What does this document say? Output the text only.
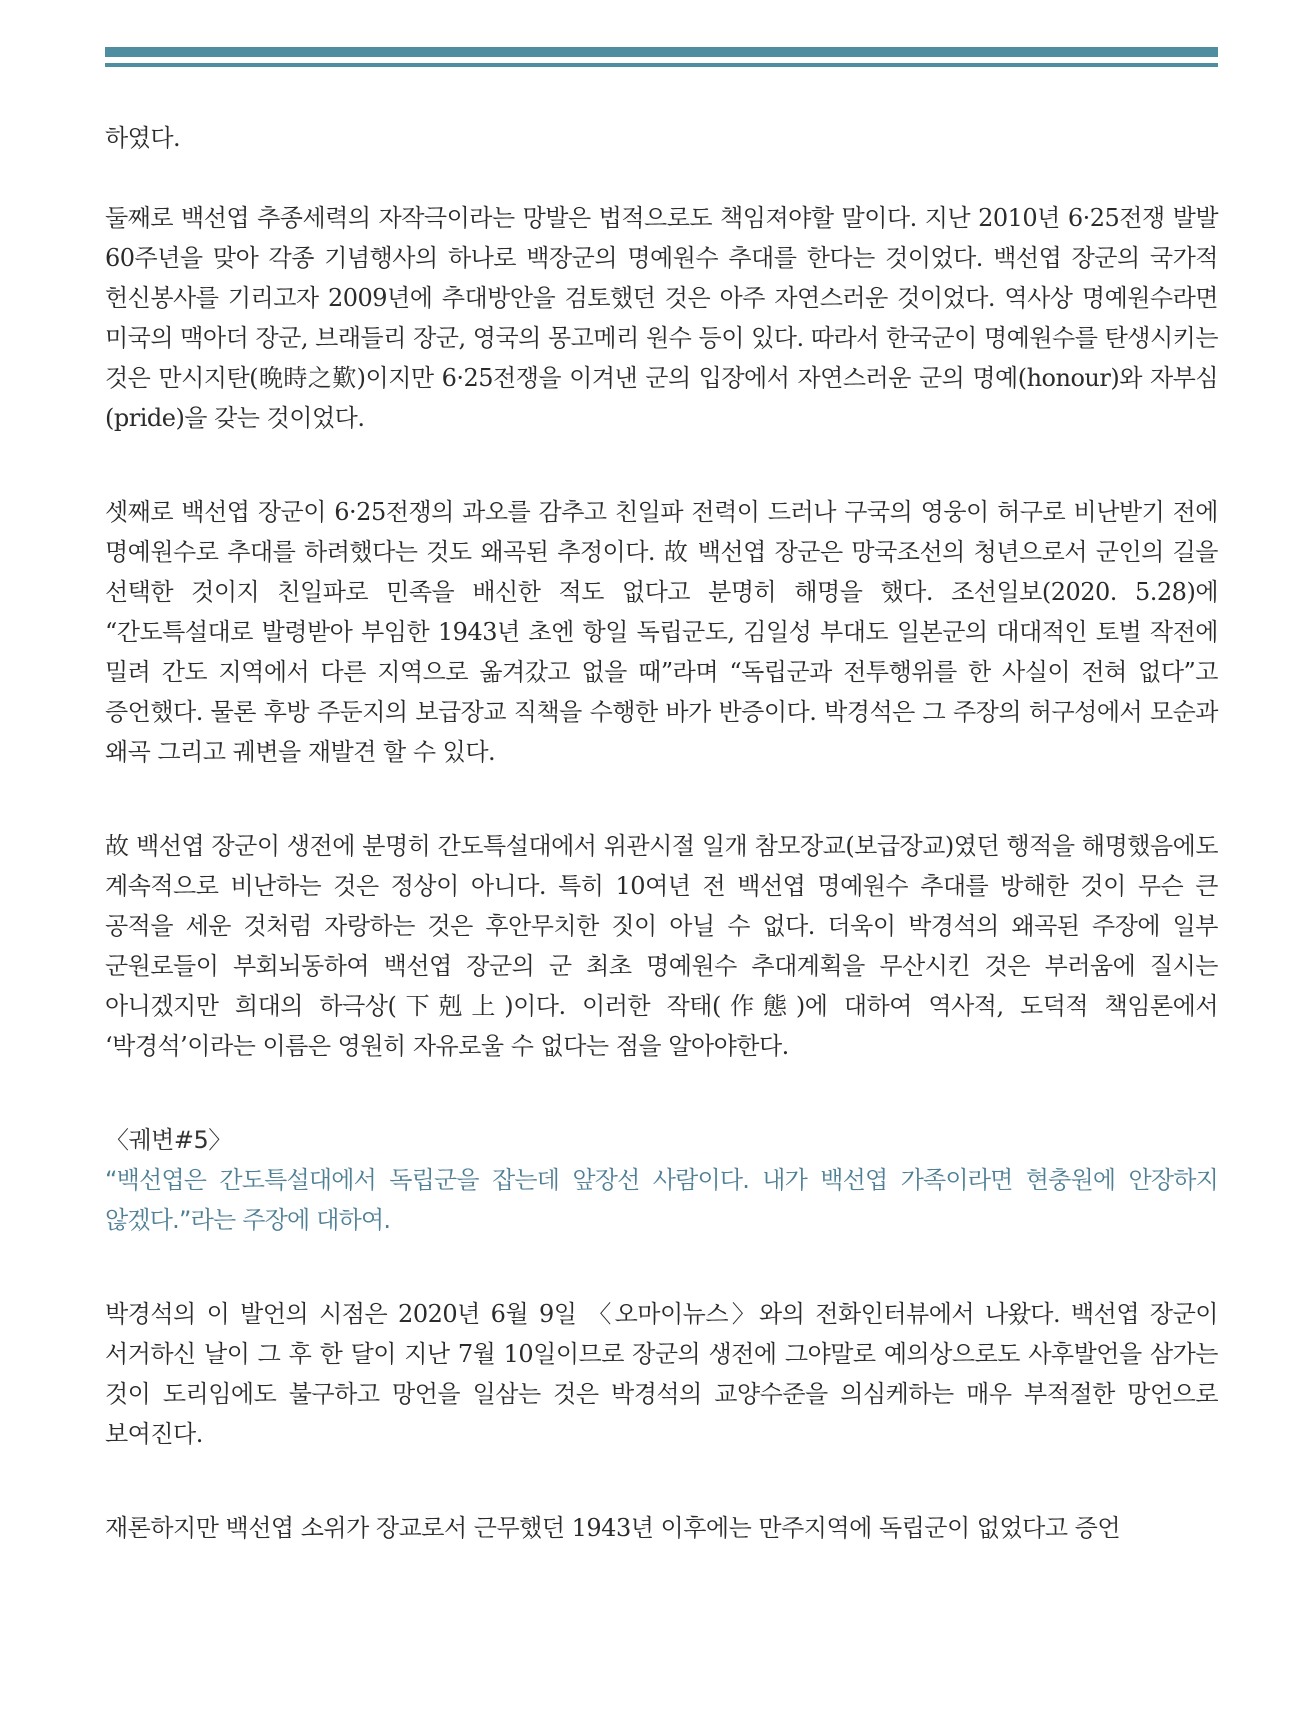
하였다.

둘째로 백선엽 추종세력의 자작극이라는 망발은 법적으로도 책임져야할 말이다. 지난 2010년 6·25전쟁 발발 60주년을 맞아 각종 기념행사의 하나로 백장군의 명예원수 추대를 한다는 것이었다. 백선엽 장군의 국가적 헌신봉사를 기리고자 2009년에 추대방안을 검토했던 것은 아주 자연스러운 것이었다. 역사상 명예원수라면 미국의 맥아더 장군, 브래들리 장군, 영국의 몽고메리 원수 등이 있다. 따라서 한국군이 명예원수를 탄생시키는 것은 만시지탄(晩時之歎)이지만 6·25전쟁을 이겨낸 군의 입장에서 자연스러운 군의 명예(honour)와 자부심(pride)을 갖는 것이었다.

셋째로 백선엽 장군이 6·25전쟁의 과오를 감추고 친일파 전력이 드러나 구국의 영웅이 허구로 비난받기 전에 명예원수로 추대를 하려했다는 것도 왜곡된 추정이다. 故 백선엽 장군은 망국조선의 청년으로서 군인의 길을 선택한 것이지 친일파로 민족을 배신한 적도 없다고 분명히 해명을 했다. 조선일보(2020. 5.28)에 “간도특설대로 발령받아 부임한 1943년 초엔 항일 독립군도, 김일성 부대도 일본군의 대대적인 토벌 작전에 밀려 간도 지역에서 다른 지역으로 옮겨갔고 없을 때”라며 “독립군과 전투행위를 한 사실이 전혀 없다”고 증언했다. 물론 후방 주둔지의 보급장교 직책을 수행한 바가 반증이다. 박경석은 그 주장의 허구성에서 모순과 왜곡 그리고 궤변을 재발견 할 수 있다.

故 백선엽 장군이 생전에 분명히 간도특설대에서 위관시절 일개 참모장교(보급장교)였던 행적을 해명했음에도 계속적으로 비난하는 것은 정상이 아니다. 특히 10여년 전 백선엽 명예원수 추대를 방해한 것이 무슨 큰 공적을 세운 것처럼 자랑하는 것은 후안무치한 짓이 아닐 수 없다. 더욱이 박경석의 왜곡된 주장에 일부 군원로들이 부회뇌동하여 백선엽 장군의 군 최초 명예원수 추대계획을 무산시킨 것은 부러움에 질시는 아니겠지만 희대의 하극상(下剋上)이다. 이러한 작태(作態)에 대하여 역사적, 도덕적 책임론에서 ‘박경석’이라는 이름은 영원히 자유로울 수 없다는 점을 알아야한다.

〈궤변#5〉

“백선엽은 간도특설대에서 독립군을 잡는데 앞장선 사람이다. 내가 백선엽 가족이라면 현충원에 안장하지 않겠다.”라는 주장에 대하여.

박경석의 이 발언의 시점은 2020년 6월 9일 〈오마이뉴스〉와의 전화인터뷰에서 나왔다. 백선엽 장군이 서거하신 날이 그 후 한 달이 지난 7월 10일이므로 장군의 생전에 그야말로 예의상으로도 사후발언을 삼가는 것이 도리임에도 불구하고 망언을 일삼는 것은 박경석의 교양수준을 의심케하는 매우 부적절한 망언으로 보여진다.

재론하지만 백선엽 소위가 장교로서 근무했던 1943년 이후에는 만주지역에 독립군이 없었다고 증언
